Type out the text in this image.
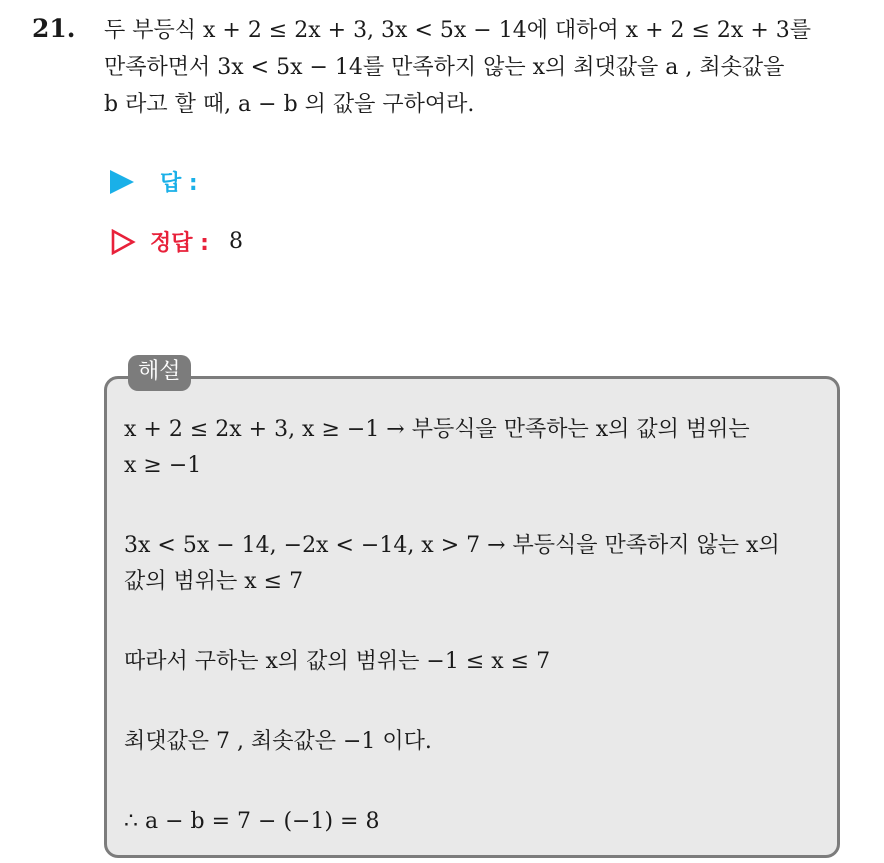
21. 두 부등식 x + 2 ≤ 2x + 3, 3x < 5x − 14에 대하여 x + 2 ≤ 2x + 3를
만족하면서 3x < 5x − 14를 만족하지 않는 x의 최댓값을 a , 최솟값을
b 라고 할 때, a − b 의 값을 구하여라.
답 :
정답 : 8
해설
x + 2 ≤ 2x + 3, x ≥ −1 → 부등식을 만족하는 x의 값의 범위는
x ≥ −1
3x < 5x − 14, −2x < −14, x > 7 → 부등식을 만족하지 않는 x의
값의 범위는 x ≤ 7
따라서 구하는 x의 값의 범위는 −1 ≤ x ≤ 7
최댓값은 7 , 최솟값은 −1 이다.
∴ a − b = 7 − (−1) = 8
